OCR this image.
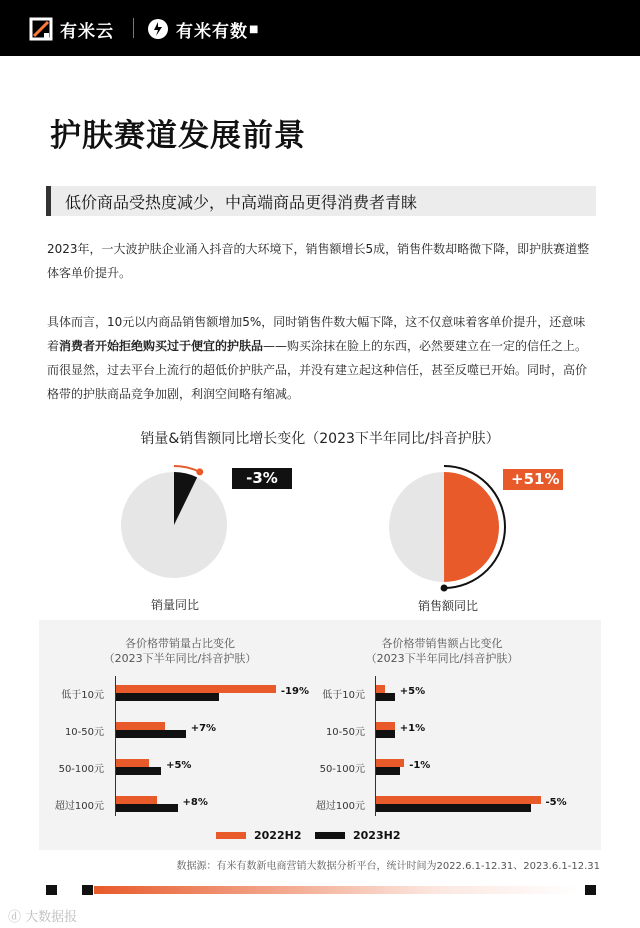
有米云	有米有数 ■
护肤赛道发展前景
低价商品受热度减少，中高端商品更得消费者青睐
2023年，一大波护肤企业涌入抖音的大环境下，销售额增长5成，销售件数却略微下降，即护肤赛道整体客单价提升。
具体而言，10元以内商品销售额增加5%，同时销售件数大幅下降，这不仅意味着客单价提升，还意味着消费者开始拒绝购买过于便宜的护肤品——购买涂抹在脸上的东西，必然要建立在一定的信任之上。而很显然，过去平台上流行的超低价护肤产品，并没有建立起这种信任，甚至反噬已开始。同时，高价格带的护肤商品竞争加剧，利润空间略有缩减。
销量&销售额同比增长变化（2023下半年同比/抖音护肤）
-3%	+51%
销量同比	销售额同比
各价格带销量占比变化
（2023下半年同比/抖音护肤）
各价格带销售额占比变化
（2023下半年同比/抖音护肤）
低于10元	-19%
10-50元	+7%
50-100元	+5%
超过100元	+8%
低于10元	+5%
10-50元	+1%
50-100元	-1%
超过100元	-5%
2022H2	2023H2
数据源：有米有数新电商营销大数据分析平台，统计时间为2022.6.1-12.31、2023.6.1-12.31
ⓓ 大数据报
